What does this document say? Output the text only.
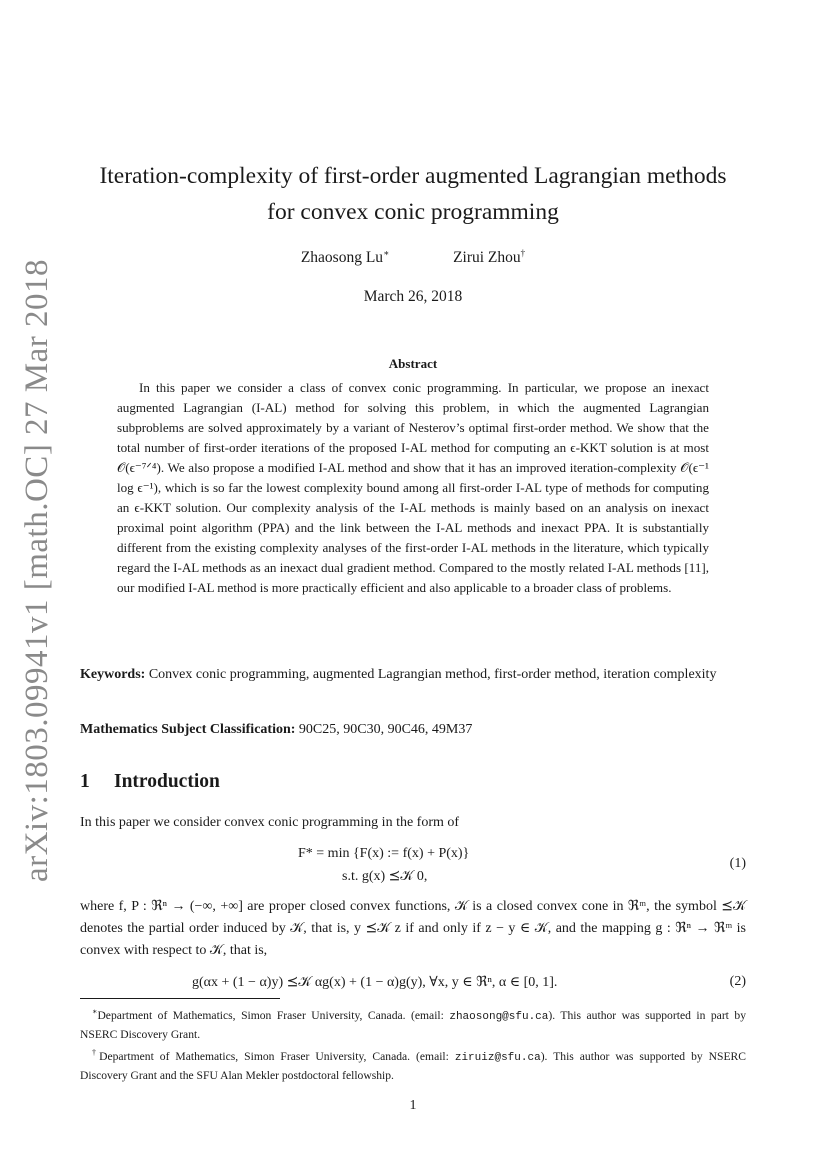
arXiv:1803.09941v1 [math.OC] 27 Mar 2018
Iteration-complexity of first-order augmented Lagrangian methods
for convex conic programming
Zhaosong Lu∗	Zirui Zhou†
March 26, 2018
Abstract
In this paper we consider a class of convex conic programming. In particular, we propose an inexact augmented Lagrangian (I-AL) method for solving this problem, in which the augmented Lagrangian subproblems are solved approximately by a variant of Nesterov’s optimal first-order method. We show that the total number of first-order iterations of the proposed I-AL method for computing an ϵ-KKT solution is at most 𝒪(ϵ⁻⁷ᐟ⁴). We also propose a modified I-AL method and show that it has an improved iteration-complexity 𝒪(ϵ⁻¹ log ϵ⁻¹), which is so far the lowest complexity bound among all first-order I-AL type of methods for computing an ϵ-KKT solution. Our complexity analysis of the I-AL methods is mainly based on an analysis on inexact proximal point algorithm (PPA) and the link between the I-AL methods and inexact PPA. It is substantially different from the existing complexity analyses of the first-order I-AL methods in the literature, which typically regard the I-AL methods as an inexact dual gradient method. Compared to the mostly related I-AL methods [11], our modified I-AL method is more practically efficient and also applicable to a broader class of problems.
Keywords: Convex conic programming, augmented Lagrangian method, first-order method, iteration complexity
Mathematics Subject Classification: 90C25, 90C30, 90C46, 49M37
1 Introduction
In this paper we consider convex conic programming in the form of
F* = min {F(x) := f(x) + P(x)}
s.t. g(x) ⪯𝒦 0,
(1)
where f, P : ℜⁿ → (−∞, +∞] are proper closed convex functions, 𝒦 is a closed convex cone in ℜᵐ, the symbol ⪯𝒦 denotes the partial order induced by 𝒦, that is, y ⪯𝒦 z if and only if z − y ∈ 𝒦, and the mapping g : ℜⁿ → ℜᵐ is convex with respect to 𝒦, that is,
g(αx + (1 − α)y) ⪯𝒦 αg(x) + (1 − α)g(y), ∀x, y ∈ ℜⁿ, α ∈ [0, 1].	(2)

∗Department of Mathematics, Simon Fraser University, Canada. (email: zhaosong@sfu.ca). This author was supported in part by NSERC Discovery Grant.

†Department of Mathematics, Simon Fraser University, Canada. (email: ziruiz@sfu.ca). This author was supported by NSERC Discovery Grant and the SFU Alan Mekler postdoctoral fellowship.

1
